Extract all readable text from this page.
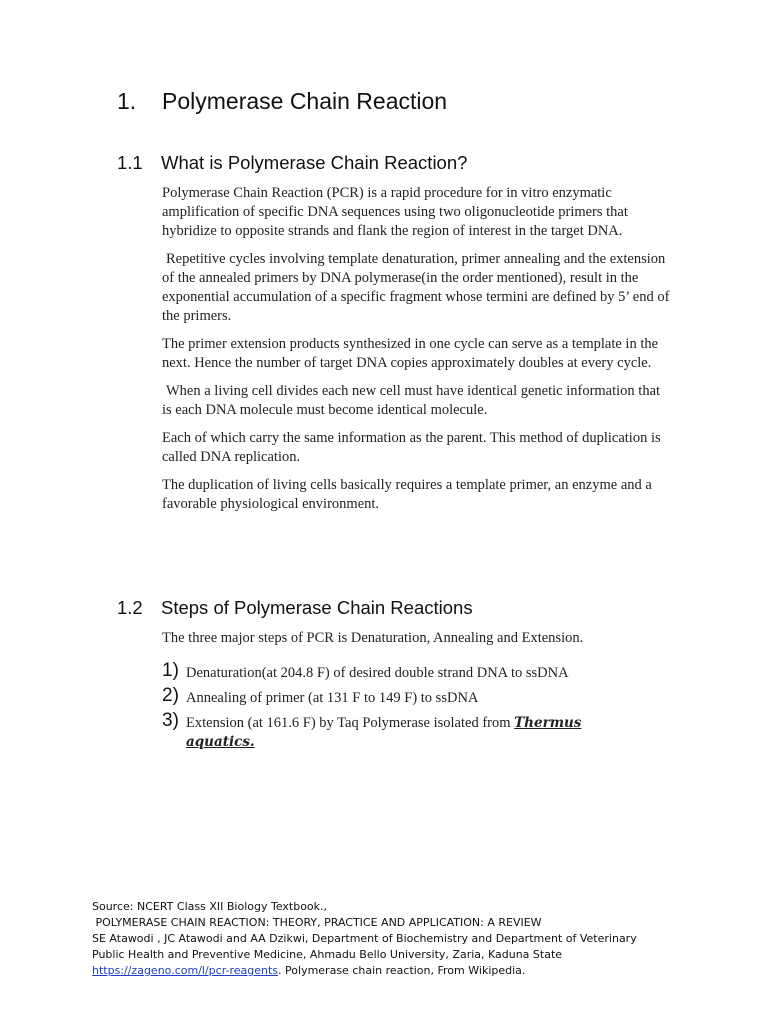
1. Polymerase Chain Reaction
1.1 What is Polymerase Chain Reaction?

Polymerase Chain Reaction (PCR) is a rapid procedure for in vitro enzymatic amplification of specific DNA sequences using two oligonucleotide primers that hybridize to opposite strands and flank the region of interest in the target DNA.

Repetitive cycles involving template denaturation, primer annealing and the extension of the annealed primers by DNA polymerase(in the order mentioned), result in the exponential accumulation of a specific fragment whose termini are defined by 5’ end of the primers.

The primer extension products synthesized in one cycle can serve as a template in the next. Hence the number of target DNA copies approximately doubles at every cycle.

When a living cell divides each new cell must have identical genetic information that is each DNA molecule must become identical molecule.

Each of which carry the same information as the parent. This method of duplication is called DNA replication.

The duplication of living cells basically requires a template primer, an enzyme and a favorable physiological environment.

1.2 Steps of Polymerase Chain Reactions

The three major steps of PCR is Denaturation, Annealing and Extension.

1) Denaturation(at 204.8 F) of desired double strand DNA to ssDNA
2) Annealing of primer (at 131 F to 149 F) to ssDNA
3) Extension (at 161.6 F) by Taq Polymerase isolated from Thermus aquatics.
Source: NCERT Class XII Biology Textbook.,
POLYMERASE CHAIN REACTION: THEORY, PRACTICE AND APPLICATION: A REVIEW
SE Atawodi , JC Atawodi and AA Dzikwi, Department of Biochemistry and Department of Veterinary
Public Health and Preventive Medicine, Ahmadu Bello University, Zaria, Kaduna State
https://zageno.com/l/pcr-reagents. Polymerase chain reaction, From Wikipedia.
